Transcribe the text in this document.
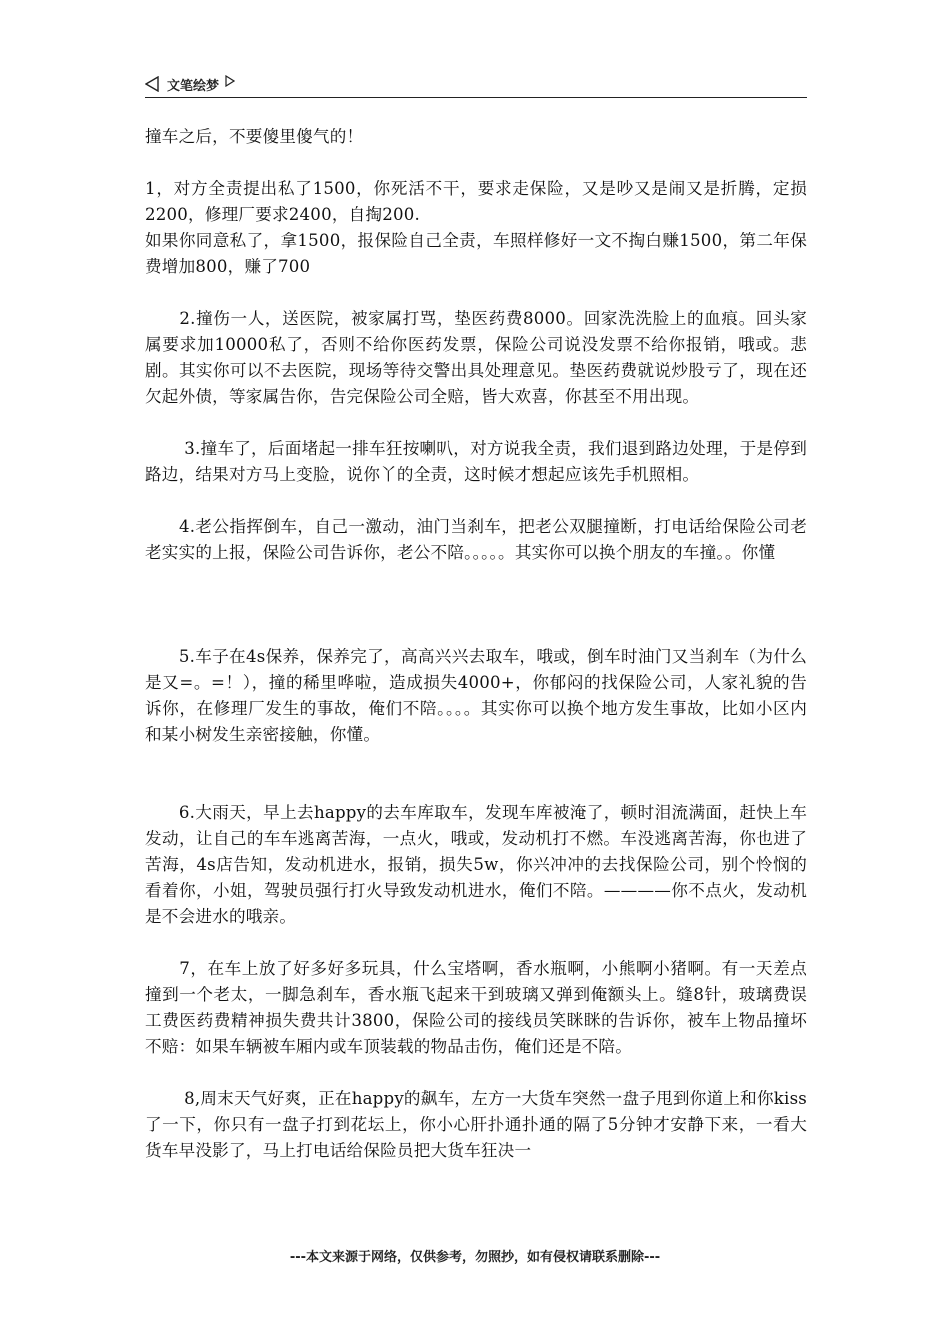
文笔绘梦

撞车之后，不要傻里傻气的！

1，对方全责提出私了1500，你死活不干，要求走保险，又是吵又是闹又是折腾，定损2200，修理厂要求2400，自掏200.

如果你同意私了，拿1500，报保险自己全责，车照样修好一文不掏白赚1500，第二年保费增加800，赚了700

　　2.撞伤一人，送医院，被家属打骂，垫医药费8000。回家洗洗脸上的血痕。回头家属要求加10000私了，否则不给你医药发票，保险公司说没发票不给你报销，哦或。悲剧。其实你可以不去医院，现场等待交警出具处理意见。垫医药费就说炒股亏了，现在还欠起外债，等家属告你，告完保险公司全赔，皆大欢喜，你甚至不用出现。

　　 3.撞车了，后面堵起一排车狂按喇叭，对方说我全责，我们退到路边处理，于是停到路边，结果对方马上变脸，说你丫的全责，这时候才想起应该先手机照相。

　　4.老公指挥倒车，自己一激动，油门当刹车，把老公双腿撞断，打电话给保险公司老老实实的上报，保险公司告诉你，老公不陪。。。。。其实你可以换个朋友的车撞。。你懂

　　5.车子在4s保养，保养完了，高高兴兴去取车，哦或，倒车时油门又当刹车（为什么是又=。=！），撞的稀里哗啦，造成损失4000+，你郁闷的找保险公司，人家礼貌的告诉你，在修理厂发生的事故，俺们不陪。。。。其实你可以换个地方发生事故，比如小区内和某小树发生亲密接触，你懂。

　　6.大雨天，早上去happy的去车库取车，发现车库被淹了，顿时泪流满面，赶快上车发动，让自己的车车逃离苦海，一点火，哦或，发动机打不燃。车没逃离苦海，你也进了苦海，4s店告知，发动机进水，报销，损失5w，你兴冲冲的去找保险公司，别个怜悯的看着你，小姐，驾驶员强行打火导致发动机进水，俺们不陪。————你不点火，发动机是不会进水的哦亲。

　　7，在车上放了好多好多玩具，什么宝塔啊，香水瓶啊，小熊啊小猪啊。有一天差点撞到一个老太，一脚急刹车，香水瓶飞起来干到玻璃又弹到俺额头上。缝8针，玻璃费误工费医药费精神损失费共计3800，保险公司的接线员笑眯眯的告诉你，被车上物品撞坏不赔：如果车辆被车厢内或车顶装载的物品击伤，俺们还是不陪。

　　 8,周末天气好爽，正在happy的飙车，左方一大货车突然一盘子甩到你道上和你kiss了一下，你只有一盘子打到花坛上，你小心肝扑通扑通的隔了5分钟才安静下来，一看大货车早没影了，马上打电话给保险员把大货车狂决一

---本文来源于网络，仅供参考，勿照抄，如有侵权请联系删除---
